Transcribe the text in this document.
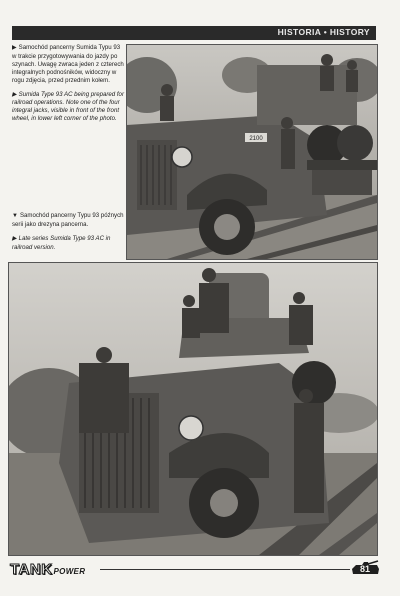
HISTORIA • HISTORY

▶ Samochód pancerny Sumida Typu 93 w trakcie przygotowywania do jazdy po szynach. Uwagę zwraca jeden z czterech integralnych podnośników, widoczny w rogu zdjęcia, przed przednim kołem.

▶ Sumida Type 93 AC being prepared for railroad operations. Note one of the four integral jacks, visible in front of the front wheel, in lower left corner of the photo.

▼ Samochód pancerny Typu 93 późnych serii jako drezyna pancerna.

▶ Late series Sumida Type 93 AC in railroad version.

2100
TANK POWER	81
